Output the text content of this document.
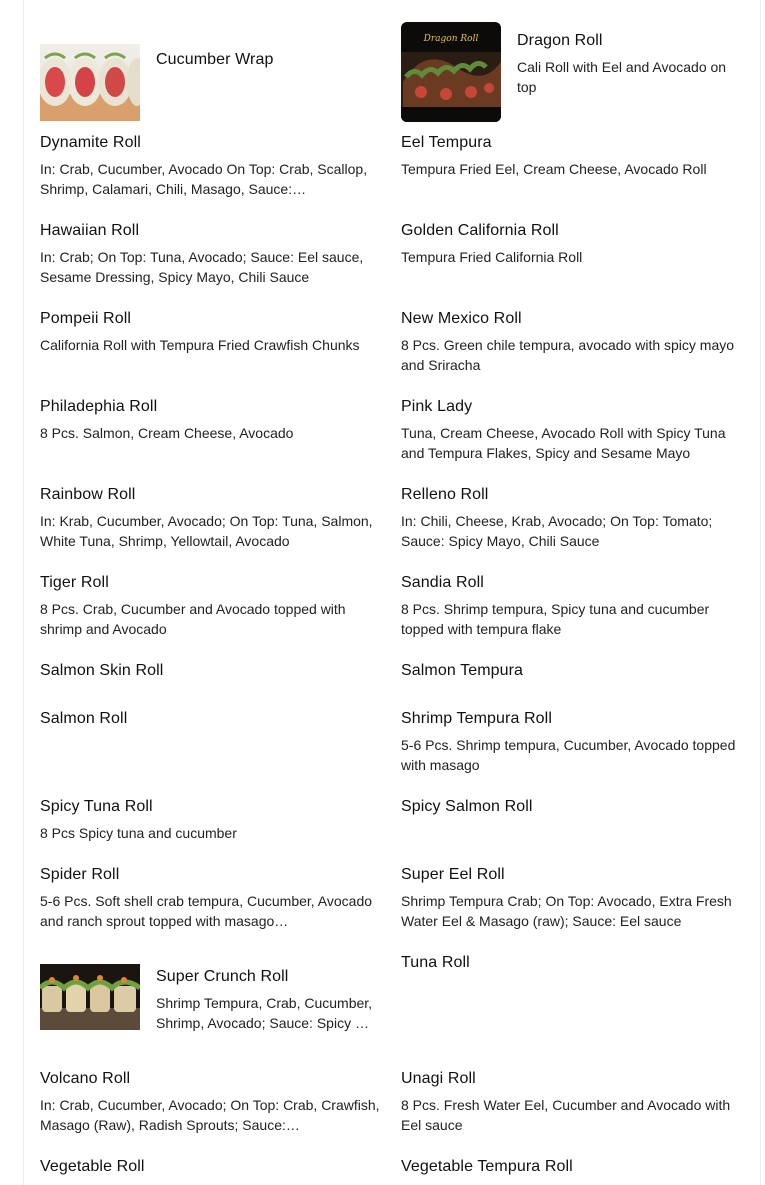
Cucumber Wrap
Dragon Roll	Dragon Roll
Cali Roll with Eel and Avocado on top
Dynamite Roll
In: Crab, Cucumber, Avocado On Top: Crab, Scallop, Shrimp, Calamari, Chili, Masago, Sauce:…
Eel Tempura
Tempura Fried Eel, Cream Cheese, Avocado Roll
Hawaiian Roll
In: Crab; On Top: Tuna, Avocado; Sauce: Eel sauce, Sesame Dressing, Spicy Mayo, Chili Sauce
Golden California Roll
Tempura Fried California Roll
Pompeii Roll
California Roll with Tempura Fried Crawfish Chunks
New Mexico Roll
8 Pcs. Green chile tempura, avocado with spicy mayo and Sriracha
Philadephia Roll
8 Pcs. Salmon, Cream Cheese, Avocado
Pink Lady
Tuna, Cream Cheese, Avocado Roll with Spicy Tuna and Tempura Flakes, Spicy and Sesame Mayo
Rainbow Roll
In: Krab, Cucumber, Avocado; On Top: Tuna, Salmon, White Tuna, Shrimp, Yellowtail, Avocado
Relleno Roll
In: Chili, Cheese, Krab, Avocado; On Top: Tomato; Sauce: Spicy Mayo, Chili Sauce
Tiger Roll
8 Pcs. Crab, Cucumber and Avocado topped with shrimp and Avocado
Sandia Roll
8 Pcs. Shrimp tempura, Spicy tuna and cucumber topped with tempura flake
Salmon Skin Roll	Salmon Tempura
Salmon Roll	Shrimp Tempura Roll
5-6 Pcs. Shrimp tempura, Cucumber, Avocado topped with masago
Spicy Tuna Roll
8 Pcs Spicy tuna and cucumber
Spicy Salmon Roll
Spider Roll
5-6 Pcs. Soft shell crab tempura, Cucumber, Avocado and ranch sprout topped with masago…
Super Eel Roll
Shrimp Tempura Crab; On Top: Avocado, Extra Fresh Water Eel & Masago (raw); Sauce: Eel sauce
Super Crunch Roll
Shrimp Tempura, Crab, Cucumber, Shrimp, Avocado; Sauce: Spicy …
Tuna Roll
Volcano Roll
In: Crab, Cucumber, Avocado; On Top: Crab, Crawfish, Masago (Raw), Radish Sprouts; Sauce:…
Unagi Roll
8 Pcs. Fresh Water Eel, Cucumber and Avocado with Eel sauce
Vegetable Roll	Vegetable Tempura Roll
